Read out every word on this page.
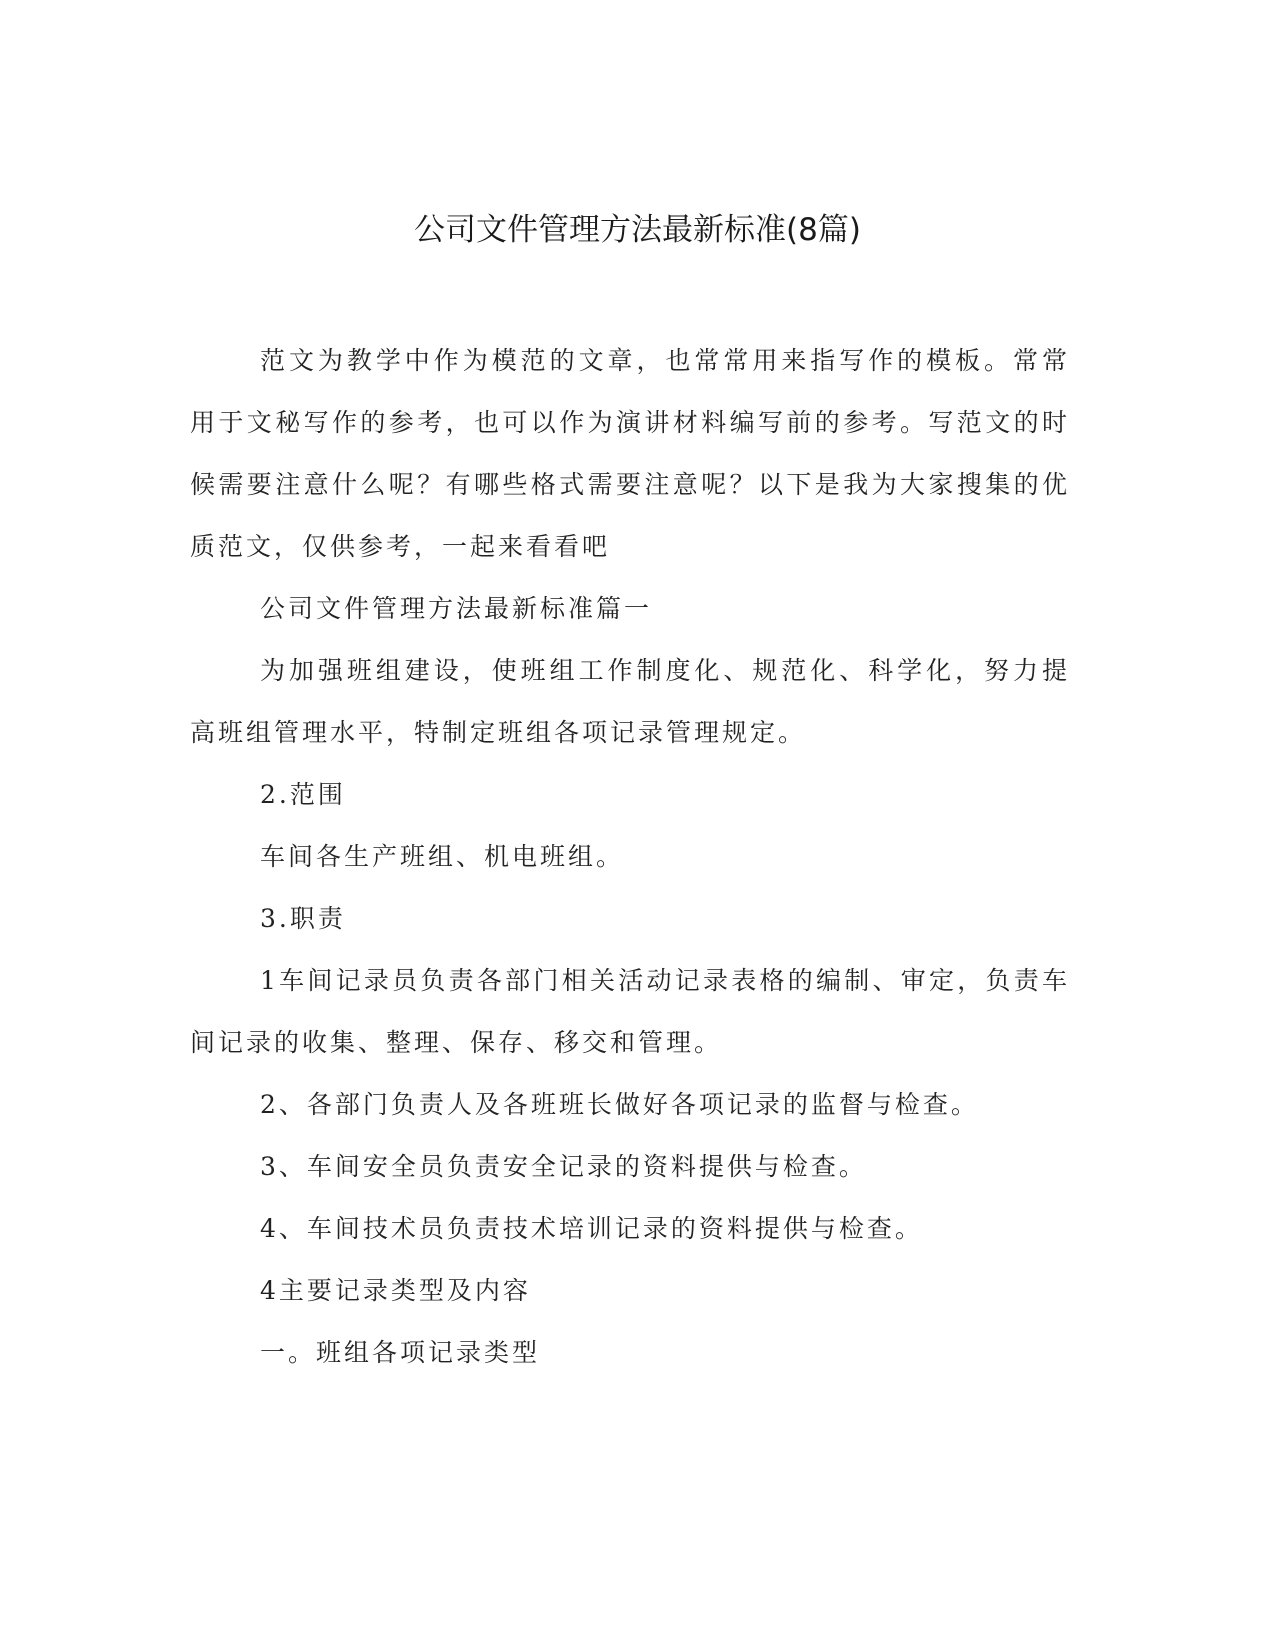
公司文件管理方法最新标准(8篇)

范文为教学中作为模范的文章，也常常用来指写作的模板。常常用于文秘写作的参考，也可以作为演讲材料编写前的参考。写范文的时候需要注意什么呢？有哪些格式需要注意呢？以下是我为大家搜集的优质范文，仅供参考，一起来看看吧

公司文件管理方法最新标准篇一

为加强班组建设，使班组工作制度化、规范化、科学化，努力提高班组管理水平，特制定班组各项记录管理规定。

2.范围

车间各生产班组、机电班组。

3.职责

1车间记录员负责各部门相关活动记录表格的编制、审定，负责车间记录的收集、整理、保存、移交和管理。

2、各部门负责人及各班班长做好各项记录的监督与检查。

3、车间安全员负责安全记录的资料提供与检查。

4、车间技术员负责技术培训记录的资料提供与检查。

4主要记录类型及内容

一。班组各项记录类型
